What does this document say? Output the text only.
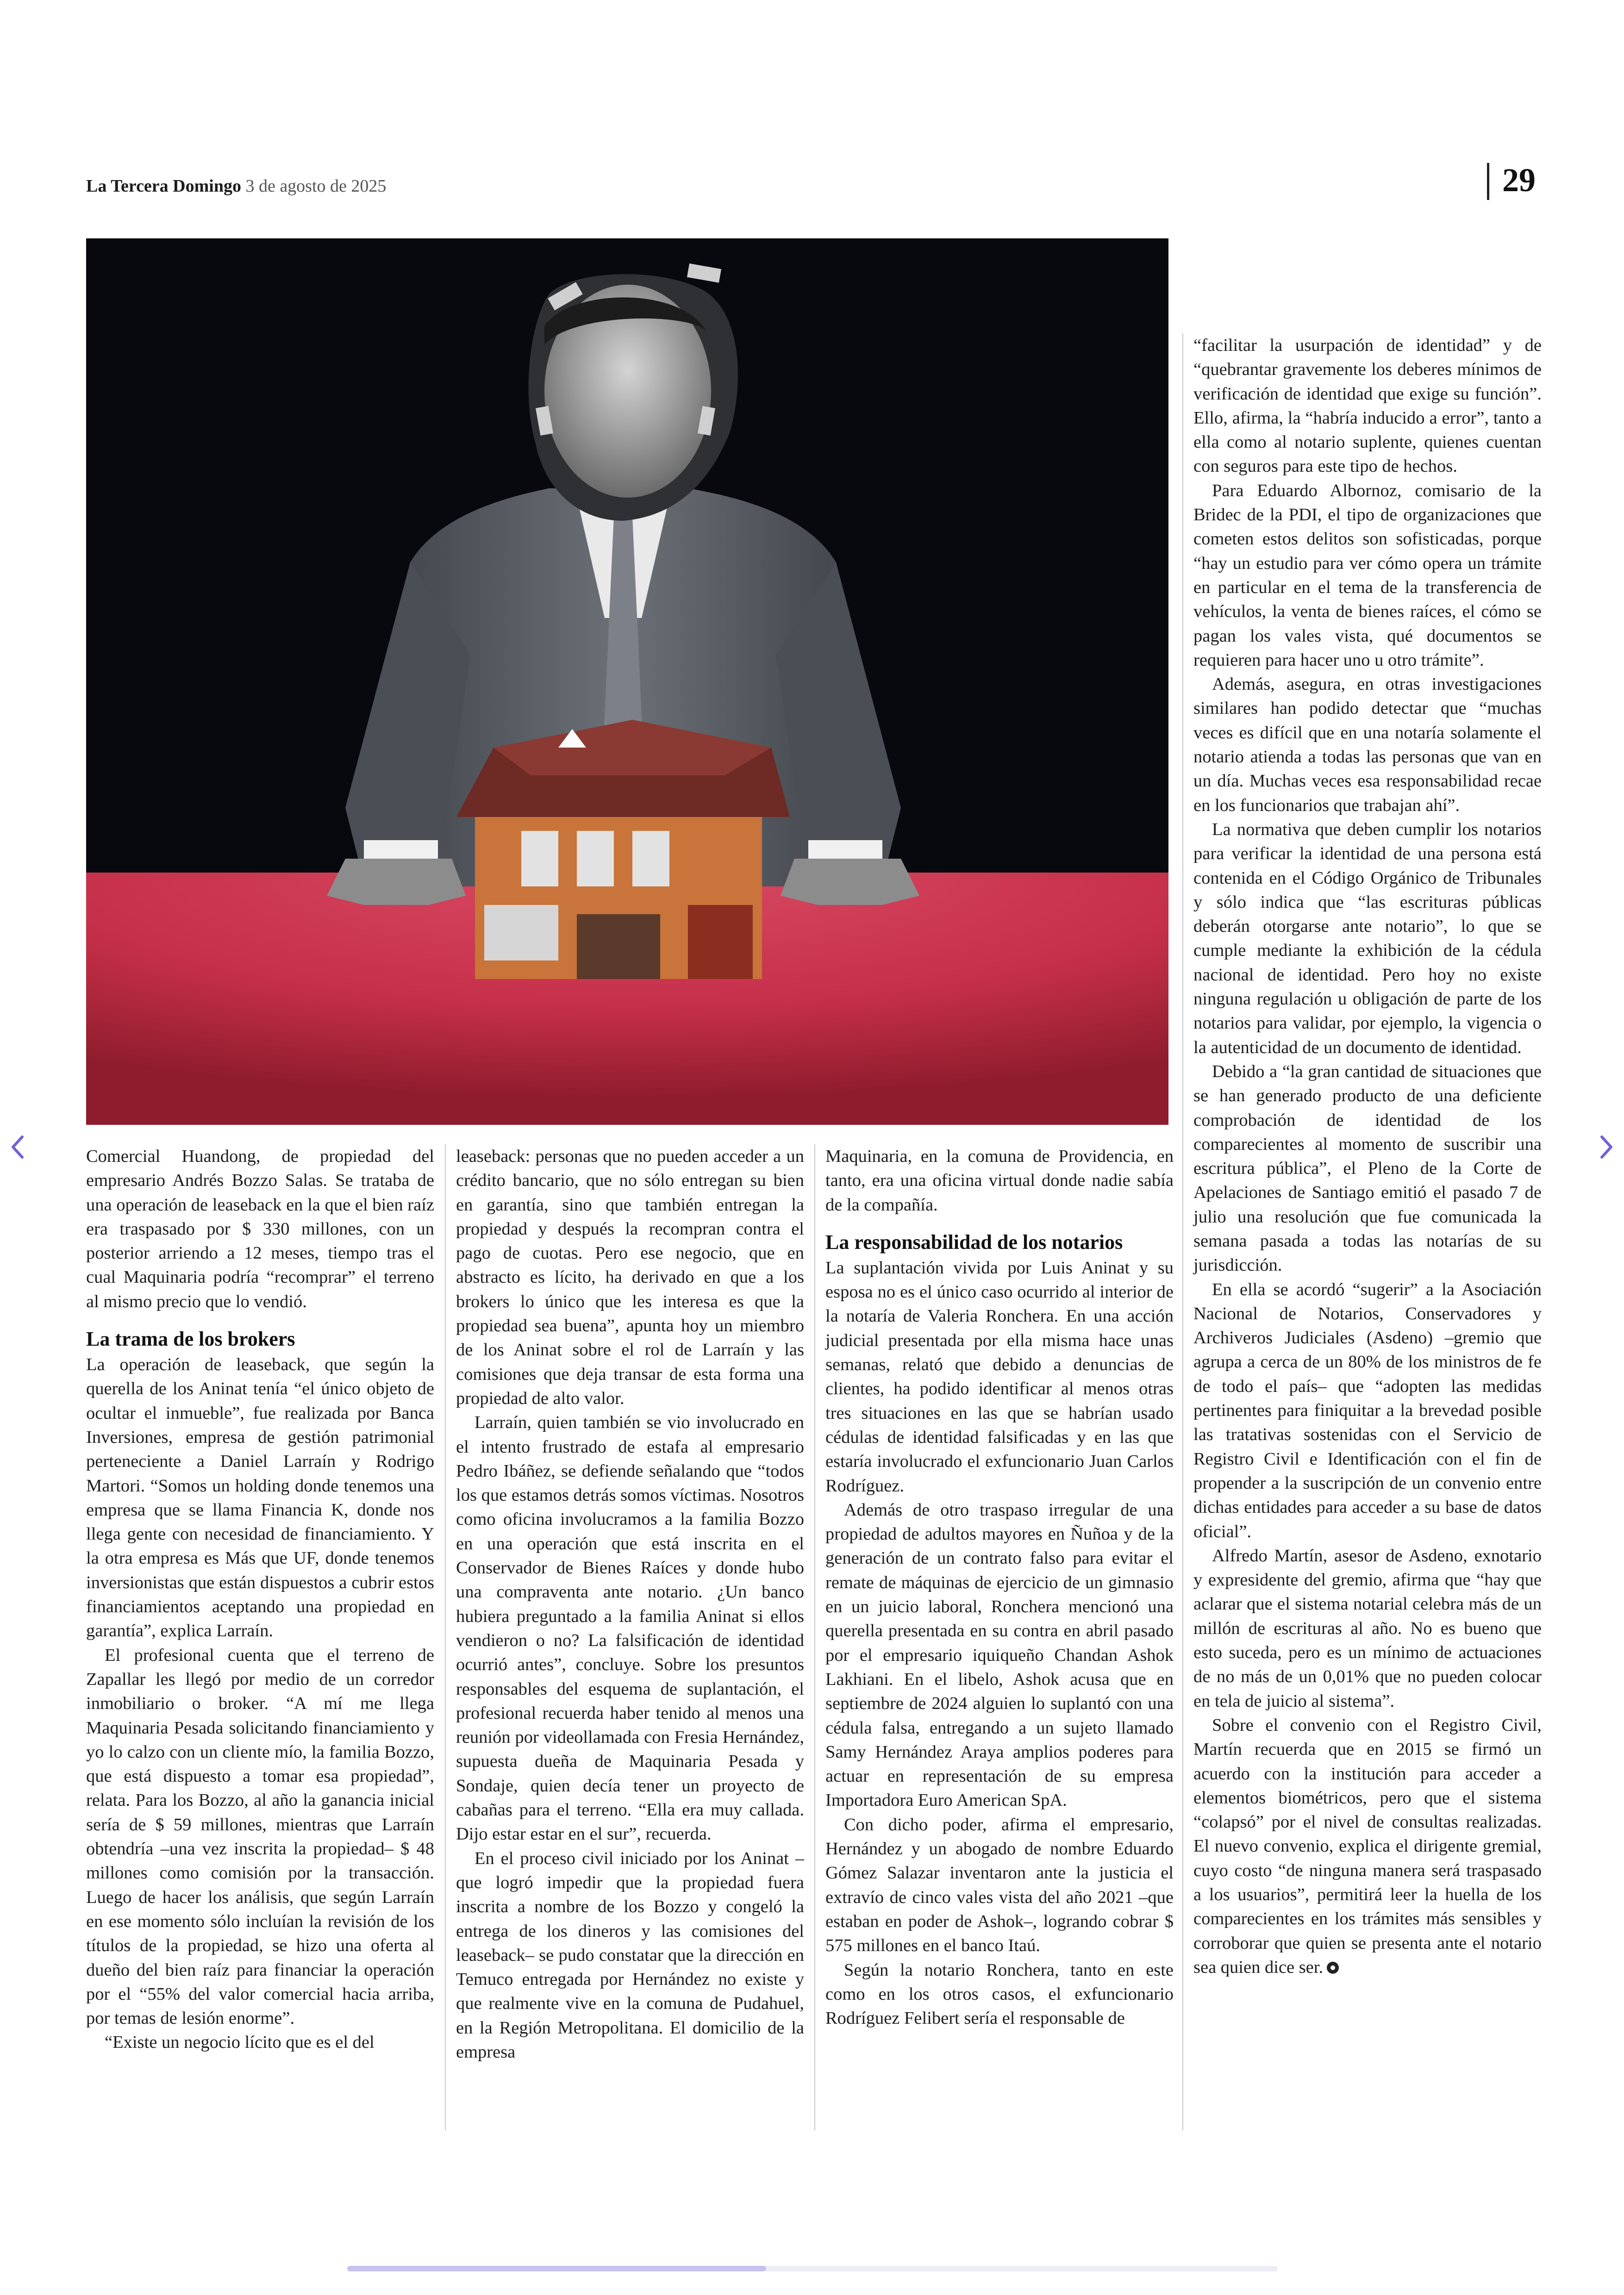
La Tercera Domingo 3 de agosto de 2025	29

Comercial Huandong, de propiedad del empresario Andrés Bozzo Salas. Se trataba de una operación de leaseback en la que el bien raíz era traspasado por $ 330 millones, con un posterior arriendo a 12 meses, tiempo tras el cual Maquinaria podría “recomprar” el terreno al mismo precio que lo vendió.

La trama de los brokers

La operación de leaseback, que según la querella de los Aninat tenía “el único objeto de ocultar el inmueble”, fue realizada por Banca Inversiones, empresa de gestión patrimonial perteneciente a Daniel Larraín y Rodrigo Martori. “Somos un holding donde tenemos una empresa que se llama Financia K, donde nos llega gente con necesidad de financiamiento. Y la otra empresa es Más que UF, donde tenemos inversionistas que están dispuestos a cubrir estos financiamientos aceptando una propiedad en garantía”, explica Larraín.

El profesional cuenta que el terreno de Zapallar les llegó por medio de un corredor inmobiliario o broker. “A mí me llega Maquinaria Pesada solicitando financiamiento y yo lo calzo con un cliente mío, la familia Bozzo, que está dispuesto a tomar esa propiedad”, relata. Para los Bozzo, al año la ganancia inicial sería de $ 59 millones, mientras que Larraín obtendría –una vez inscrita la propiedad– $ 48 millones como comisión por la transacción. Luego de hacer los análisis, que según Larraín en ese momento sólo incluían la revisión de los títulos de la propiedad, se hizo una oferta al dueño del bien raíz para financiar la operación por el “55% del valor comercial hacia arriba, por temas de lesión enorme”.

“Existe un negocio lícito que es el del

leaseback: personas que no pueden acceder a un crédito bancario, que no sólo entregan su bien en garantía, sino que también entregan la propiedad y después la recompran contra el pago de cuotas. Pero ese negocio, que en abstracto es lícito, ha derivado en que a los brokers lo único que les interesa es que la propiedad sea buena”, apunta hoy un miembro de los Aninat sobre el rol de Larraín y las comisiones que deja transar de esta forma una propiedad de alto valor.

Larraín, quien también se vio involucrado en el intento frustrado de estafa al empresario Pedro Ibáñez, se defiende señalando que “todos los que estamos detrás somos víctimas. Nosotros como oficina involucramos a la familia Bozzo en una operación que está inscrita en el Conservador de Bienes Raíces y donde hubo una compraventa ante notario. ¿Un banco hubiera preguntado a la familia Aninat si ellos vendieron o no? La falsificación de identidad ocurrió antes”, concluye. Sobre los presuntos responsables del esquema de suplantación, el profesional recuerda haber tenido al menos una reunión por videollamada con Fresia Hernández, supuesta dueña de Maquinaria Pesada y Sondaje, quien decía tener un proyecto de cabañas para el terreno. “Ella era muy callada. Dijo estar estar en el sur”, recuerda.

En el proceso civil iniciado por los Aninat –que logró impedir que la propiedad fuera inscrita a nombre de los Bozzo y congeló la entrega de los dineros y las comisiones del leaseback– se pudo constatar que la dirección en Temuco entregada por Hernández no existe y que realmente vive en la comuna de Pudahuel, en la Región Metropolitana. El domicilio de la empresa

Maquinaria, en la comuna de Providencia, en tanto, era una oficina virtual donde nadie sabía de la compañía.

La responsabilidad de los notarios

La suplantación vivida por Luis Aninat y su esposa no es el único caso ocurrido al interior de la notaría de Valeria Ronchera. En una acción judicial presentada por ella misma hace unas semanas, relató que debido a denuncias de clientes, ha podido identificar al menos otras tres situaciones en las que se habrían usado cédulas de identidad falsificadas y en las que estaría involucrado el exfuncionario Juan Carlos Rodríguez.

Además de otro traspaso irregular de una propiedad de adultos mayores en Ñuñoa y de la generación de un contrato falso para evitar el remate de máquinas de ejercicio de un gimnasio en un juicio laboral, Ronchera mencionó una querella presentada en su contra en abril pasado por el empresario iquiqueño Chandan Ashok Lakhiani. En el libelo, Ashok acusa que en septiembre de 2024 alguien lo suplantó con una cédula falsa, entregando a un sujeto llamado Samy Hernández Araya amplios poderes para actuar en representación de su empresa Importadora Euro American SpA.

Con dicho poder, afirma el empresario, Hernández y un abogado de nombre Eduardo Gómez Salazar inventaron ante la justicia el extravío de cinco vales vista del año 2021 –que estaban en poder de Ashok–, logrando cobrar $ 575 millones en el banco Itaú.

Según la notario Ronchera, tanto en este como en los otros casos, el exfuncionario Rodríguez Felibert sería el responsable de

“facilitar la usurpación de identidad” y de “quebrantar gravemente los deberes mínimos de verificación de identidad que exige su función”. Ello, afirma, la “habría inducido a error”, tanto a ella como al notario suplente, quienes cuentan con seguros para este tipo de hechos.

Para Eduardo Albornoz, comisario de la Bridec de la PDI, el tipo de organizaciones que cometen estos delitos son sofisticadas, porque “hay un estudio para ver cómo opera un trámite en particular en el tema de la transferencia de vehículos, la venta de bienes raíces, el cómo se pagan los vales vista, qué documentos se requieren para hacer uno u otro trámite”.

Además, asegura, en otras investigaciones similares han podido detectar que “muchas veces es difícil que en una notaría solamente el notario atienda a todas las personas que van en un día. Muchas veces esa responsabilidad recae en los funcionarios que trabajan ahí”.

La normativa que deben cumplir los notarios para verificar la identidad de una persona está contenida en el Código Orgánico de Tribunales y sólo indica que “las escrituras públicas deberán otorgarse ante notario”, lo que se cumple mediante la exhibición de la cédula nacional de identidad. Pero hoy no existe ninguna regulación u obligación de parte de los notarios para validar, por ejemplo, la vigencia o la autenticidad de un documento de identidad.

Debido a “la gran cantidad de situaciones que se han generado producto de una deficiente comprobación de identidad de los comparecientes al momento de suscribir una escritura pública”, el Pleno de la Corte de Apelaciones de Santiago emitió el pasado 7 de julio una resolución que fue comunicada la semana pasada a todas las notarías de su jurisdicción.

En ella se acordó “sugerir” a la Asociación Nacional de Notarios, Conservadores y Archiveros Judiciales (Asdeno) –gremio que agrupa a cerca de un 80% de los ministros de fe de todo el país– que “adopten las medidas pertinentes para finiquitar a la brevedad posible las tratativas sostenidas con el Servicio de Registro Civil e Identificación con el fin de propender a la suscripción de un convenio entre dichas entidades para acceder a su base de datos oficial”.

Alfredo Martín, asesor de Asdeno, exnotario y expresidente del gremio, afirma que “hay que aclarar que el sistema notarial celebra más de un millón de escrituras al año. No es bueno que esto suceda, pero es un mínimo de actuaciones de no más de un 0,01% que no pueden colocar en tela de juicio al sistema”.

Sobre el convenio con el Registro Civil, Martín recuerda que en 2015 se firmó un acuerdo con la institución para acceder a elementos biométricos, pero que el sistema “colapsó” por el nivel de consultas realizadas. El nuevo convenio, explica el dirigente gremial, cuyo costo “de ninguna manera será traspasado a los usuarios”, permitirá leer la huella de los comparecientes en los trámites más sensibles y corroborar que quien se presenta ante el notario sea quien dice ser.
